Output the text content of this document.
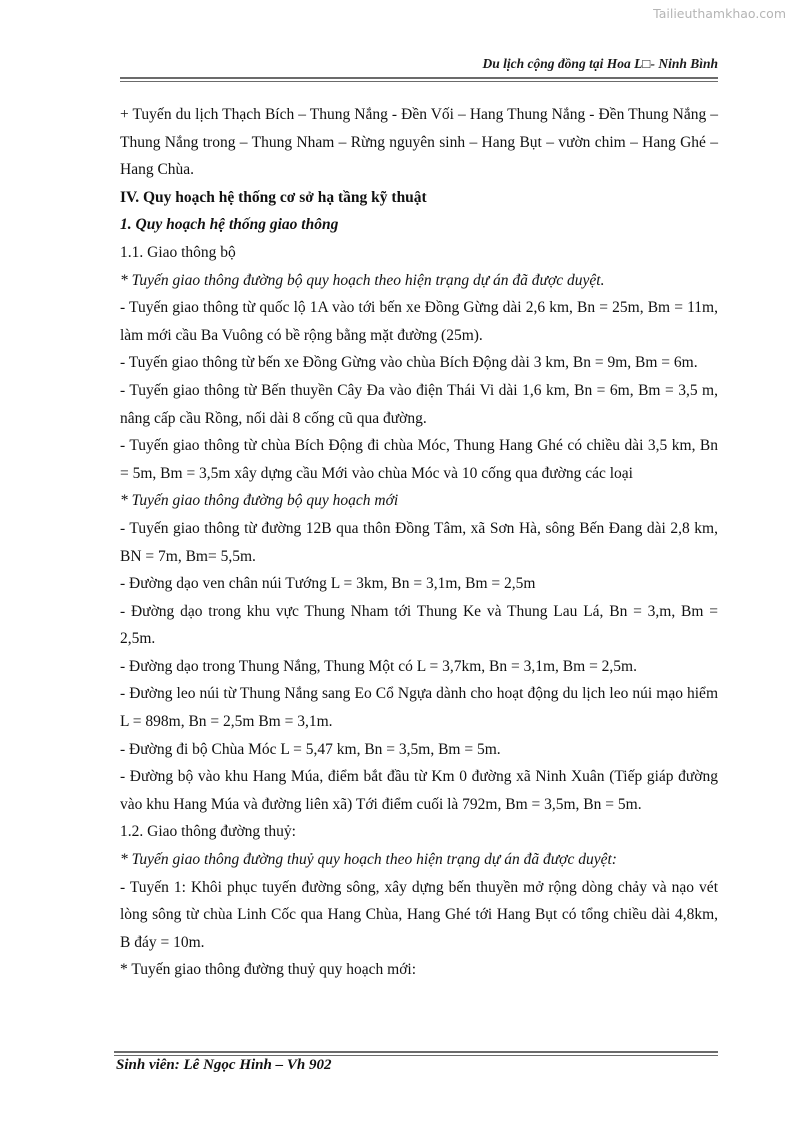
Tailieuthamkhao.com
Du lịch cộng đồng tại Hoa L□- Ninh Bình

+ Tuyến du lịch Thạch Bích – Thung Nắng - Đền Vối – Hang Thung Nắng - Đền Thung Nắng – Thung Nắng trong – Thung Nham – Rừng nguyên sinh – Hang Bụt – vườn chim – Hang Ghé – Hang Chùa.

IV. Quy hoạch hệ thống cơ sở hạ tầng kỹ thuật

1. Quy hoạch hệ thống giao thông

1.1. Giao thông bộ

* Tuyến giao thông đường bộ quy hoạch theo hiện trạng dự án đã được duyệt.

- Tuyến giao thông từ quốc lộ 1A vào tới bến xe Đồng Gừng dài 2,6 km, Bn = 25m, Bm = 11m, làm mới cầu Ba Vuông có bề rộng bằng mặt đường (25m).

- Tuyến giao thông từ bến xe Đồng Gừng vào chùa Bích Động dài 3 km, Bn = 9m, Bm = 6m.

- Tuyến giao thông từ Bến thuyền Cây Đa vào điện Thái Vi dài 1,6 km, Bn = 6m, Bm = 3,5 m, nâng cấp cầu Rồng, nối dài 8 cống cũ qua đường.

- Tuyến giao thông từ chùa Bích Động đi chùa Móc, Thung Hang Ghé có chiều dài 3,5 km, Bn = 5m, Bm = 3,5m xây dựng cầu Mới vào chùa Móc và 10 cống qua đường các loại

* Tuyến giao thông đường bộ quy hoạch mới

- Tuyến giao thông từ đường 12B qua thôn Đồng Tâm, xã Sơn Hà, sông Bến Đang dài 2,8 km, BN = 7m, Bm= 5,5m.

- Đường dạo ven chân núi Tướng L = 3km, Bn = 3,1m, Bm = 2,5m

- Đường dạo trong khu vực Thung Nham tới Thung Ke và Thung Lau Lá, Bn = 3,m, Bm = 2,5m.

- Đường dạo trong Thung Nắng, Thung Một có L = 3,7km, Bn = 3,1m, Bm = 2,5m.

- Đường leo núi từ Thung Nắng sang Eo Cổ Ngựa dành cho hoạt động du lịch leo núi mạo hiểm L = 898m, Bn = 2,5m Bm = 3,1m.

- Đường đi bộ Chùa Móc L = 5,47 km, Bn = 3,5m, Bm = 5m.

- Đường bộ vào khu Hang Múa, điểm bắt đầu từ Km 0 đường xã Ninh Xuân (Tiếp giáp đường vào khu Hang Múa và đường liên xã) Tới điểm cuối là 792m, Bm = 3,5m, Bn = 5m.

1.2. Giao thông đường thuỷ:

* Tuyến giao thông đường thuỷ quy hoạch theo hiện trạng dự án đã được duyệt:

- Tuyến 1: Khôi phục tuyến đường sông, xây dựng bến thuyền mở rộng dòng chảy và nạo vét lòng sông từ chùa Linh Cốc qua Hang Chùa, Hang Ghé tới Hang Bụt có tổng chiều dài 4,8km, B đáy = 10m.

* Tuyến giao thông đường thuỷ quy hoạch mới:

Sinh viên: Lê Ngọc Hinh – Vh 902
